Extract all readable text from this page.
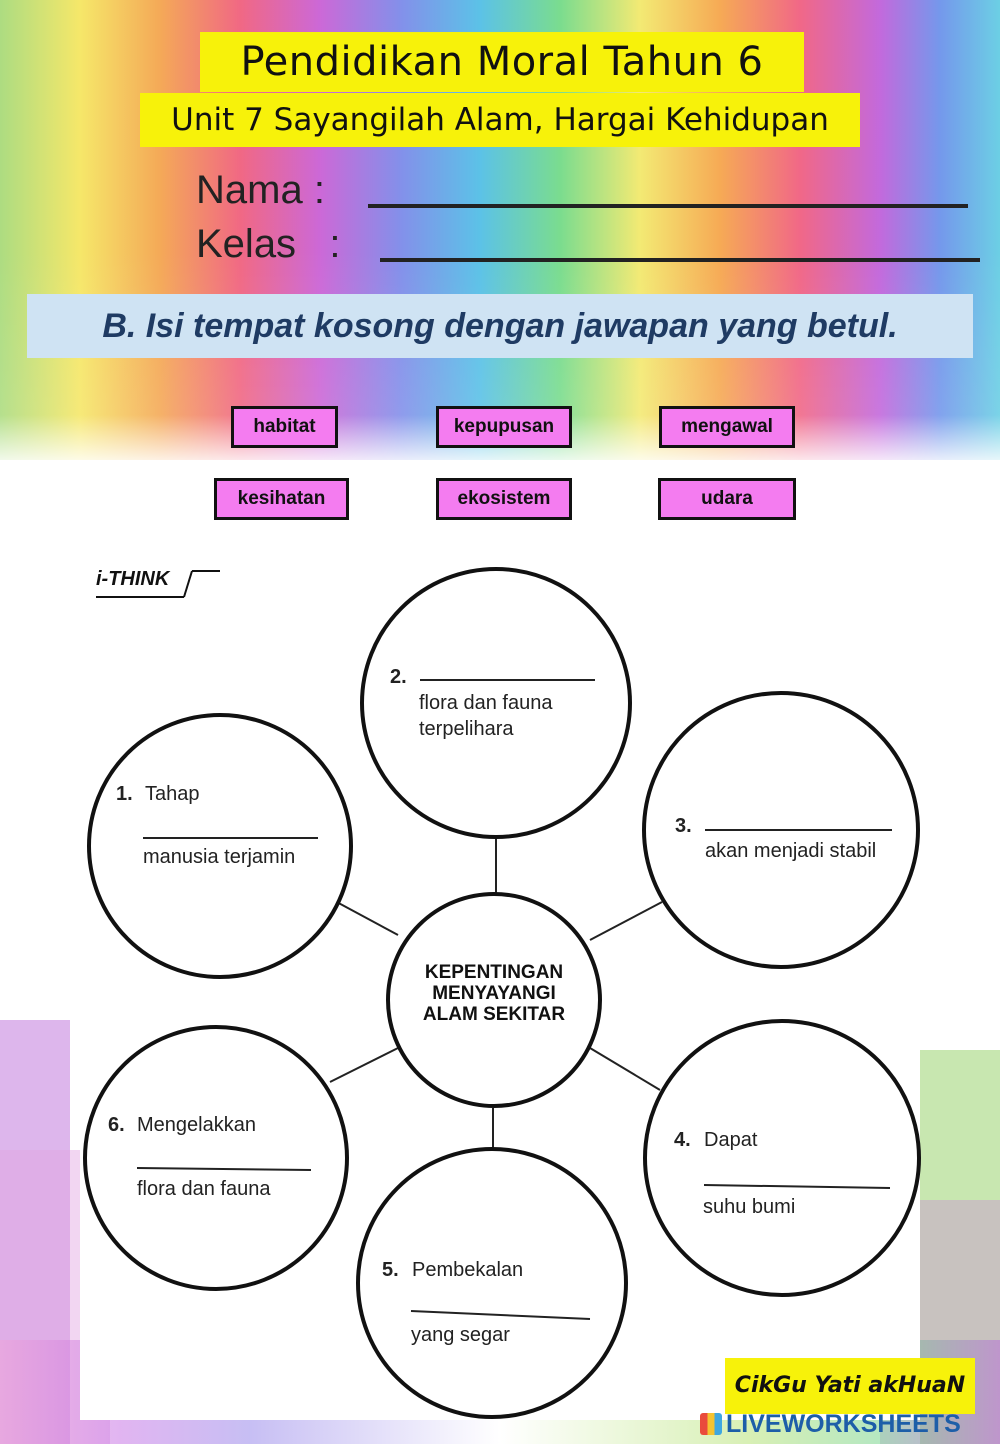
Pendidikan Moral Tahun 6
Unit 7 Sayangilah Alam, Hargai Kehidupan
Nama :
Kelas   :
B. Isi tempat kosong dengan jawapan yang betul.
habitat	kepupusan	mengawal
kesihatan	ekosistem	udara
i-THINK
KEPENTINGAN
MENYAYANGI
ALAM SEKITAR
2.
flora dan fauna terpelihara
1. Tahap
manusia terjamin
3.
akan menjadi stabil
6. Mengelakkan
flora dan fauna
4. Dapat
suhu bumi
5. Pembekalan
yang segar
CikGu Yati akHuaN
LIVEWORKSHEETS
